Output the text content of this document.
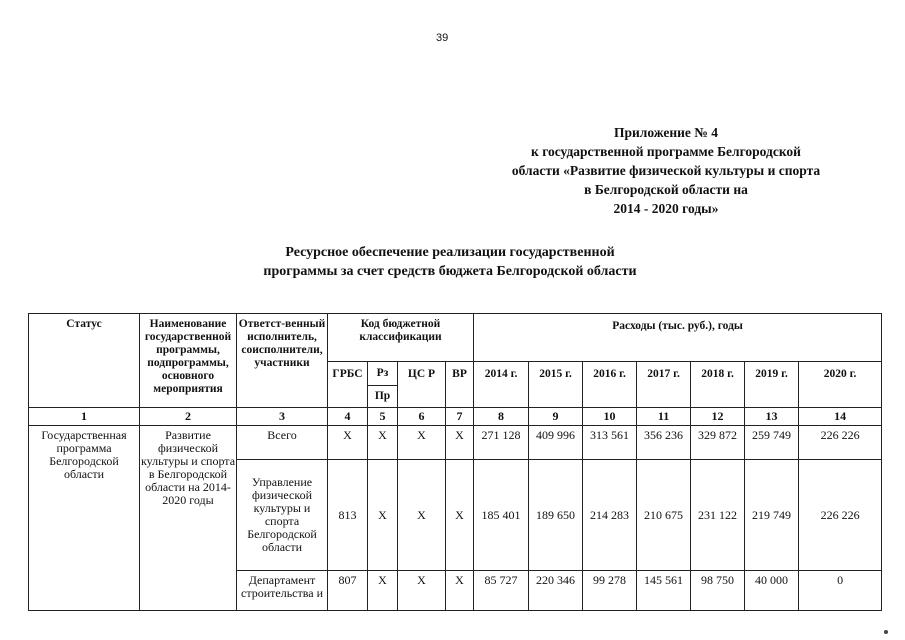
39
Приложение № 4
к государственной программе Белгородской
области «Развитие физической культуры и спорта
в Белгородской области на
2014 - 2020 годы»
Ресурсное обеспечение реализации государственной
программы за счет средств бюджета Белгородской области
Статус	Наименование государственной программы, подпрограммы, основного мероприятия	Ответст-венный исполнитель, соисполнители, участники	Код бюджетной классификации				Расходы (тыс. руб.), годы						
			ГРБС	Рз	ЦС Р	ВР	2014 г.	2015 г.	2016 г.	2017 г.	2018 г.	2019 г.	2020 г.
				Пр									
1	2	3	4	5	6	7	8	9	10	11	12	13	14
Государственная программа Белгородской области	Развитие физической культуры и спорта в Белгородской области на 2014-2020 годы	Всего	X	X	X	X	271 128	409 996	313 561	356 236	329 872	259 749	226 226
		Управление физической культуры и спорта Белгородской области	813	X	X	X	185 401	189 650	214 283	210 675	231 122	219 749	226 226

		Департамент строительства и	807	X	X	X	85 727	220 346	99 278	145 561	98 750	40 000	0
